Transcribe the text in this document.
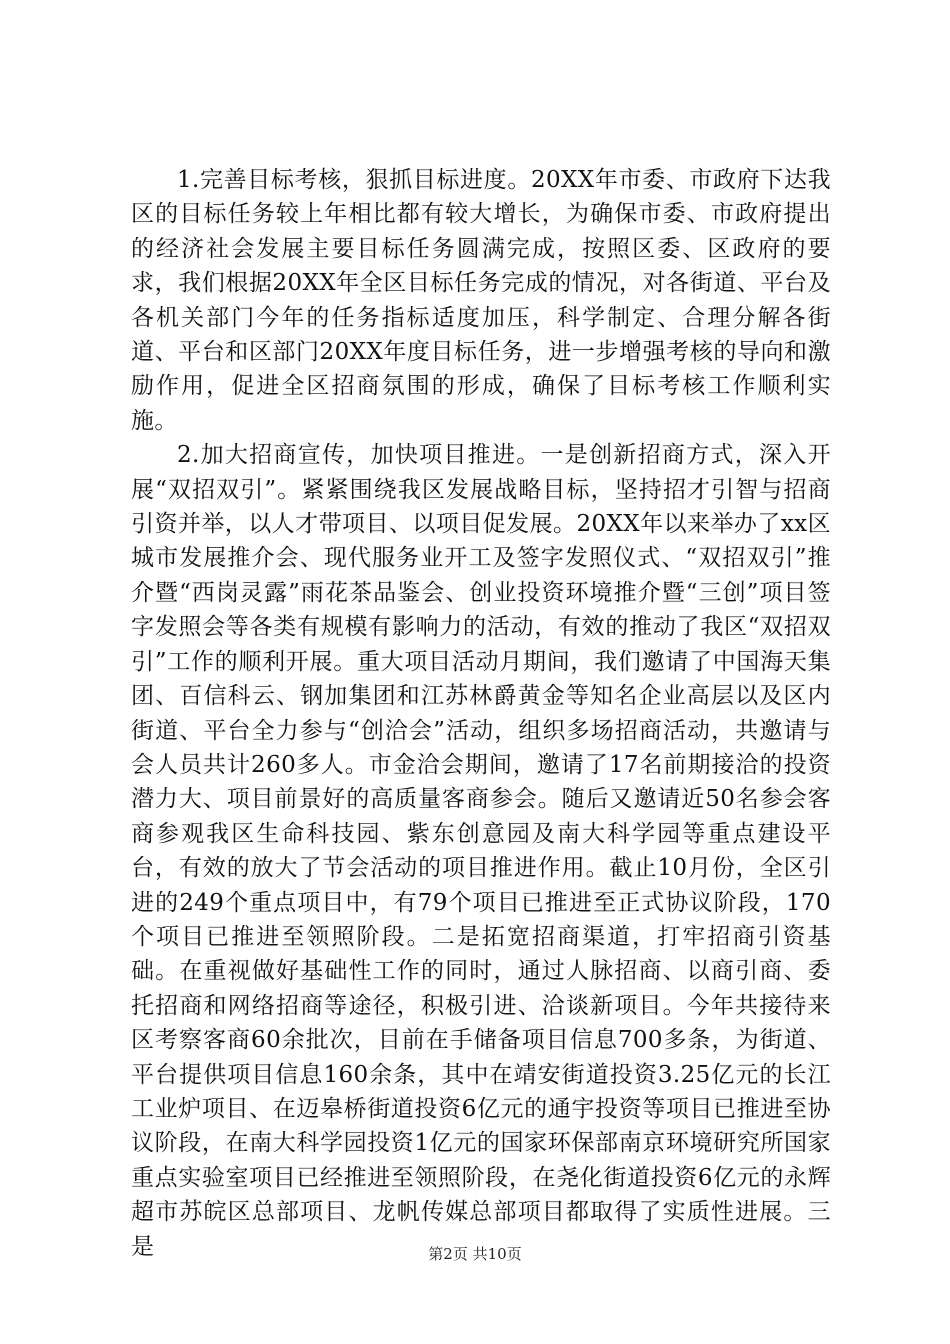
1.完善目标考核，狠抓目标进度。20XX年市委、市政府下达我区的目标任务较上年相比都有较大增长，为确保市委、市政府提出的经济社会发展主要目标任务圆满完成，按照区委、区政府的要求，我们根据20XX年全区目标任务完成的情况，对各街道、平台及各机关部门今年的任务指标适度加压，科学制定、合理分解各街道、平台和区部门20XX年度目标任务，进一步增强考核的导向和激励作用，促进全区招商氛围的形成，确保了目标考核工作顺利实施。

2.加大招商宣传，加快项目推进。一是创新招商方式，深入开展“双招双引”。紧紧围绕我区发展战略目标，坚持招才引智与招商引资并举，以人才带项目、以项目促发展。20XX年以来举办了xx区城市发展推介会、现代服务业开工及签字发照仪式、“双招双引”推介暨“西岗灵露”雨花茶品鉴会、创业投资环境推介暨“三创”项目签字发照会等各类有规模有影响力的活动，有效的推动了我区“双招双引”工作的顺利开展。重大项目活动月期间，我们邀请了中国海天集团、百信科云、钢加集团和江苏林爵黄金等知名企业高层以及区内街道、平台全力参与“创洽会”活动，组织多场招商活动，共邀请与会人员共计260多人。市金洽会期间，邀请了17名前期接洽的投资潜力大、项目前景好的高质量客商参会。随后又邀请近50名参会客商参观我区生命科技园、紫东创意园及南大科学园等重点建设平台，有效的放大了节会活动的项目推进作用。截止10月份，全区引进的249个重点项目中，有79个项目已推进至正式协议阶段，170个项目已推进至领照阶段。二是拓宽招商渠道，打牢招商引资基础。在重视做好基础性工作的同时，通过人脉招商、以商引商、委托招商和网络招商等途径，积极引进、洽谈新项目。今年共接待来区考察客商60余批次，目前在手储备项目信息700多条，为街道、平台提供项目信息160余条，其中在靖安街道投资3.25亿元的长江工业炉项目、在迈皋桥街道投资6亿元的通宇投资等项目已推进至协议阶段，在南大科学园投资1亿元的国家环保部南京环境研究所国家重点实验室项目已经推进至领照阶段，在尧化街道投资6亿元的永辉超市苏皖区总部项目、龙帆传媒总部项目都取得了实质性进展。三是	第2页 共10页
